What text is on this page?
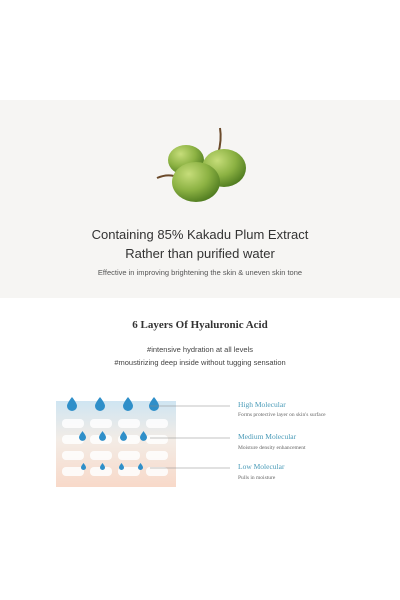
Containing 85% Kakadu Plum Extract
Rather than purified water
Effective in improving brightening the skin & uneven skin tone
6 Layers Of Hyaluronic Acid
#intensive hydration at all levels
#moustirizing deep inside without tugging sensation
High Molecular
Forms protective layer on skin's surface
Medium Molecular
Moisture density enhancement
Low Molecular
Pulls in moisture
